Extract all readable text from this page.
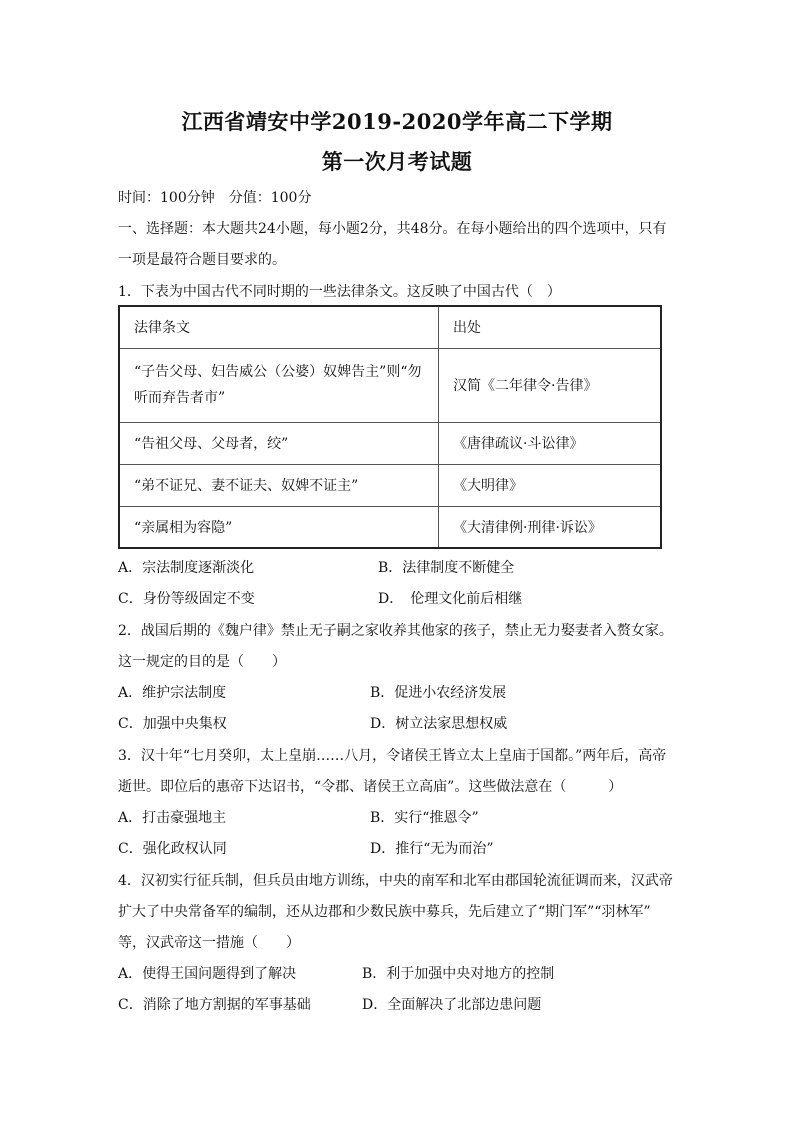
江西省靖安中学2019-2020学年高二下学期
第一次月考试题
时间：100分钟　分值：100分
一、选择题：本大题共24小题，每小题2分，共48分。在每小题给出的四个选项中，只有
一项是最符合题目要求的。
1．下表为中国古代不同时期的一些法律条文。这反映了中国古代（　）
法律条文	出处

“子告父母、妇告威公（公婆）奴婢告主”则“勿
听而弃告者市”	汉简《二年律令·告律》
“告祖父母、父母者，绞”	《唐律疏议·斗讼律》
“弟不证兄、妻不证夫、奴婢不证主”	《大明律》
“亲属相为容隐”	《大清律例·刑律·诉讼》
A．宗法制度逐渐淡化	B．法律制度不断健全
C．身份等级固定不变	D．　伦理文化前后相继
2．战国后期的《魏户律》禁止无子嗣之家收养其他家的孩子，禁止无力娶妻者入赘女家。
这一规定的目的是（　　）
A．维护宗法制度	B．促进小农经济发展
C．加强中央集权	D．树立法家思想权威
3．汉十年“七月癸卯，太上皇崩……八月，令诸侯王皆立太上皇庙于国都。”两年后，高帝
逝世。即位后的惠帝下达诏书，“令郡、诸侯王立高庙”。这些做法意在（　　　）
A．打击豪强地主	B．实行“推恩令”
C．强化政权认同	D．推行“无为而治”
4．汉初实行征兵制，但兵员由地方训练，中央的南军和北军由郡国轮流征调而来，汉武帝
扩大了中央常备军的编制，还从边郡和少数民族中募兵，先后建立了“期门军”“羽林军”
等，汉武帝这一措施（　　）
A．使得王国问题得到了解决	B．利于加强中央对地方的控制
C．消除了地方割据的军事基础	D．全面解决了北部边患问题
